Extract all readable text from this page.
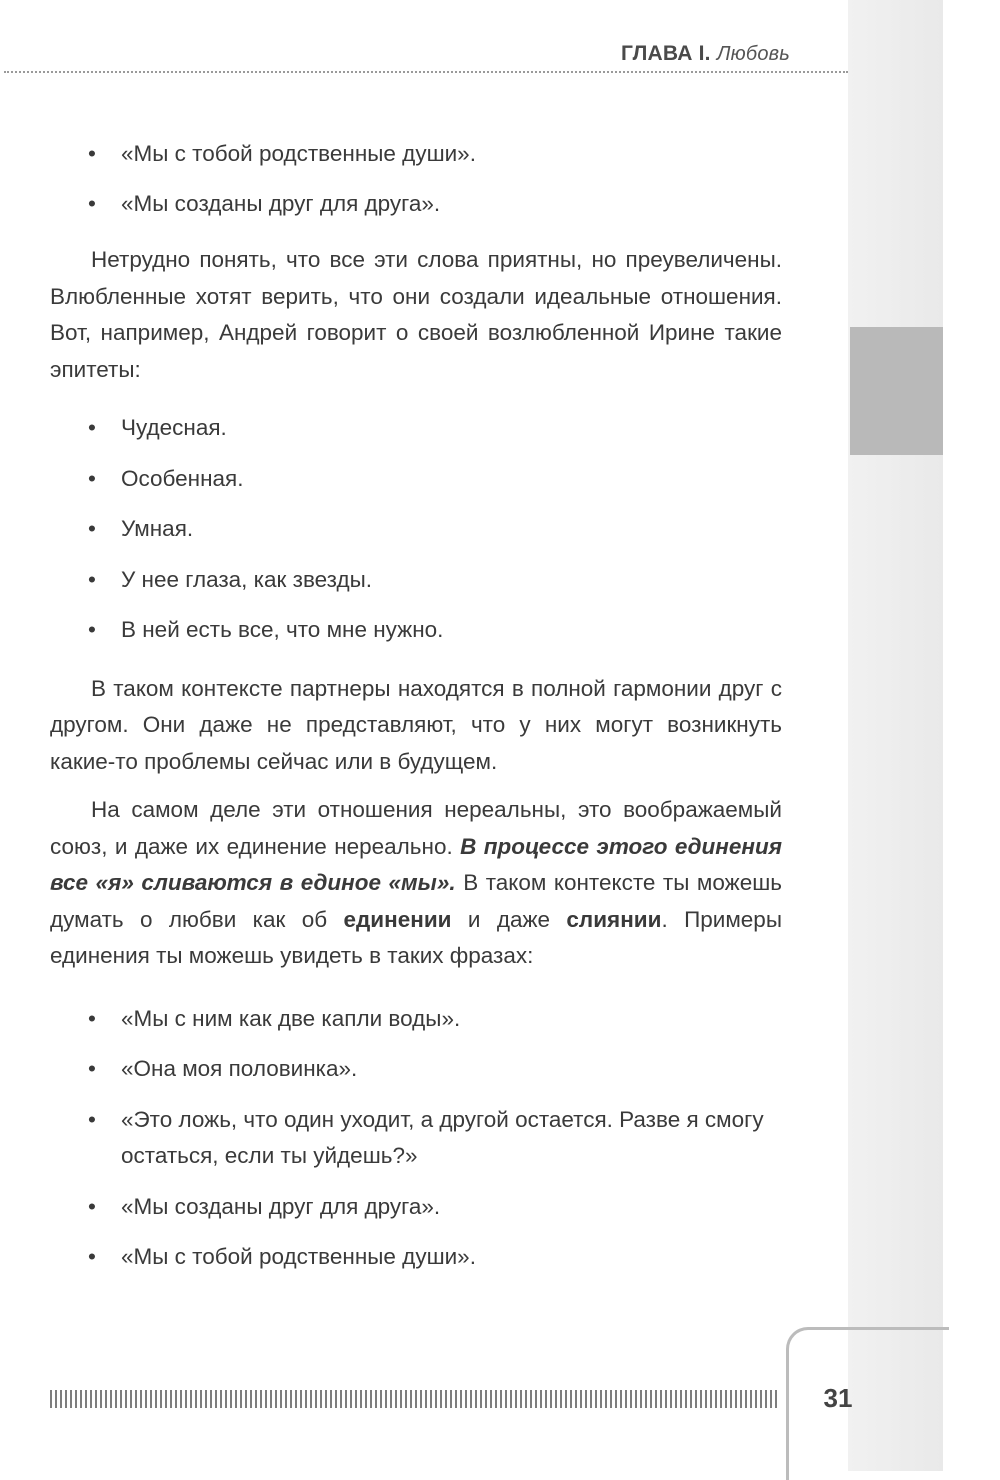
ГЛАВА I. Любовь
• «Мы с тобой родственные души».
• «Мы созданы друг для друга».

Нетрудно понять, что все эти слова приятны, но преувеличены. Влюбленные хотят верить, что они создали идеальные отношения. Вот, например, Андрей говорит о своей возлюбленной Ирине такие эпитеты:

• Чудесная.
• Особенная.
• Умная.
• У нее глаза, как звезды.
• В ней есть все, что мне нужно.

В таком контексте партнеры находятся в полной гармонии друг с другом. Они даже не представляют, что у них могут возникнуть какие-то проблемы сейчас или в будущем.

На самом деле эти отношения нереальны, это воображаемый союз, и даже их единение нереально. В процессе этого единения все «я» сливаются в единое «мы». В таком контексте ты можешь думать о любви как об единении и даже слиянии. Примеры единения ты можешь увидеть в таких фразах:

• «Мы с ним как две капли воды».
• «Она моя половинка».
• «Это ложь, что один уходит, а другой остается. Разве я смогу остаться, если ты уйдешь?»
• «Мы созданы друг для друга».
• «Мы с тобой родственные души».
31
